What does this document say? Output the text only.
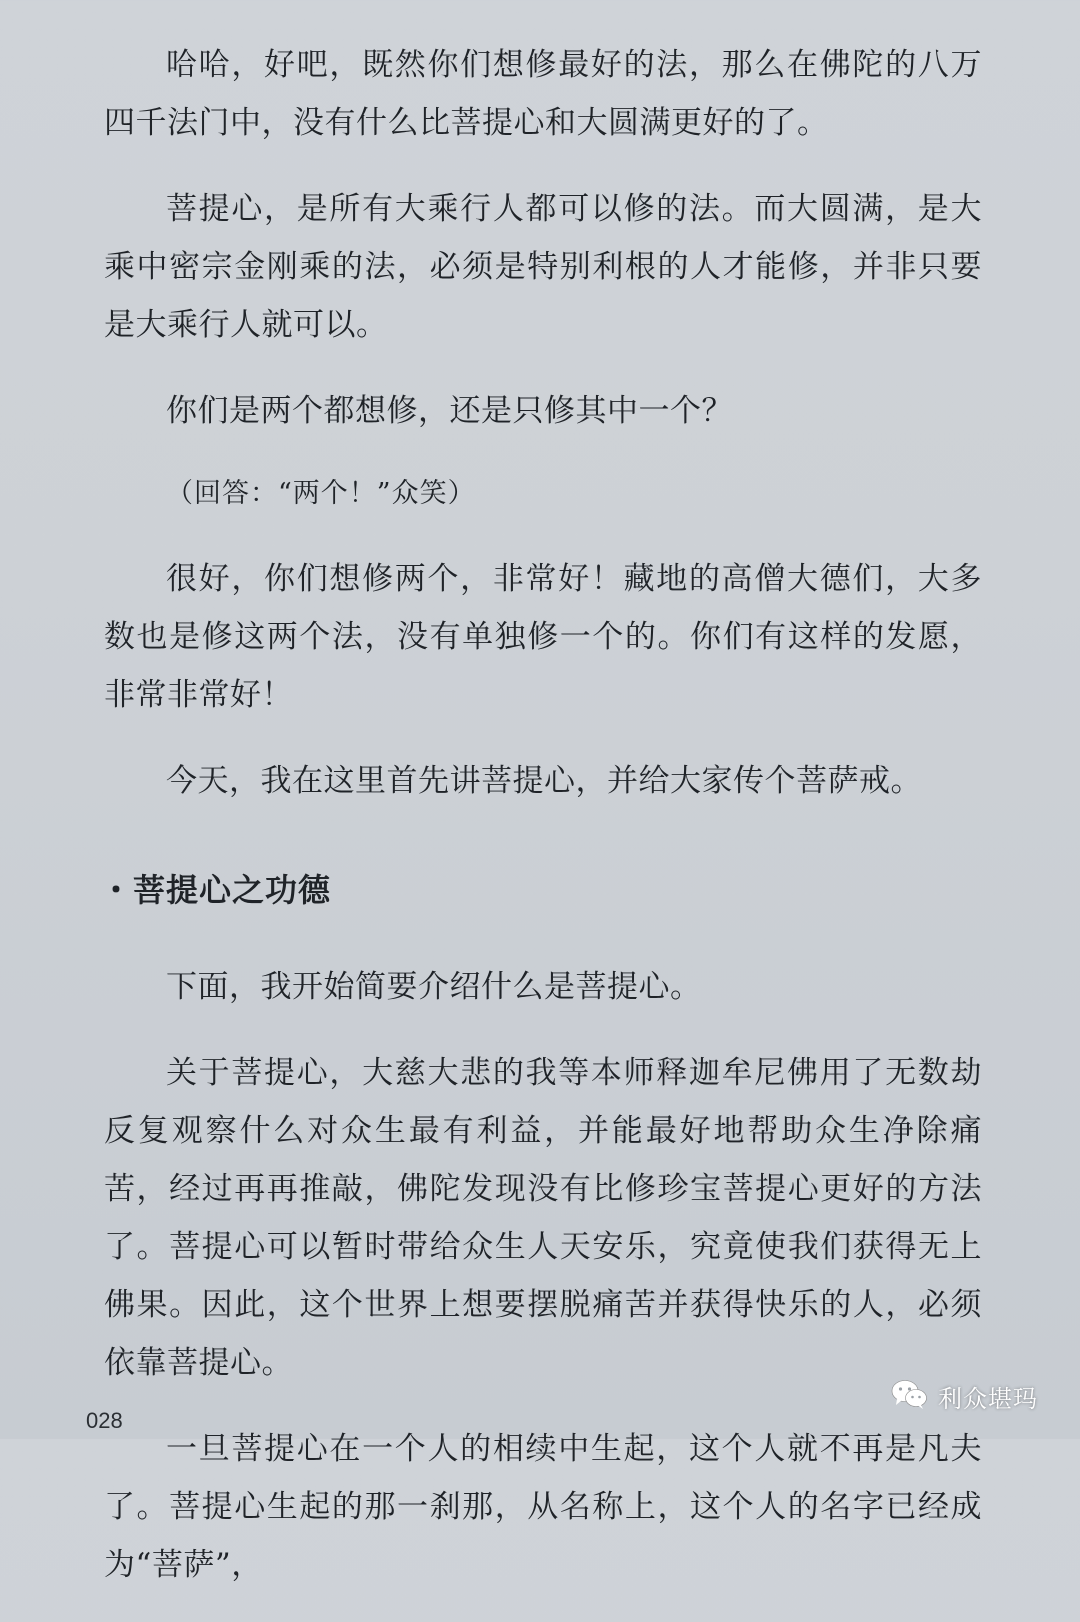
哈哈，好吧，既然你们想修最好的法，那么在佛陀的八万四千法门中，没有什么比菩提心和大圆满更好的了。

菩提心，是所有大乘行人都可以修的法。而大圆满，是大乘中密宗金刚乘的法，必须是特别利根的人才能修，并非只要是大乘行人就可以。

你们是两个都想修，还是只修其中一个？

（回答：“两个！”众笑）

很好，你们想修两个，非常好！藏地的高僧大德们，大多数也是修这两个法，没有单独修一个的。你们有这样的发愿，非常非常好！

今天，我在这里首先讲菩提心，并给大家传个菩萨戒。

・菩提心之功德

下面，我开始简要介绍什么是菩提心。

关于菩提心，大慈大悲的我等本师释迦牟尼佛用了无数劫反复观察什么对众生最有利益，并能最好地帮助众生净除痛苦，经过再再推敲，佛陀发现没有比修珍宝菩提心更好的方法了。菩提心可以暂时带给众生人天安乐，究竟使我们获得无上佛果。因此，这个世界上想要摆脱痛苦并获得快乐的人，必须依靠菩提心。

一旦菩提心在一个人的相续中生起，这个人就不再是凡夫了。菩提心生起的那一刹那，从名称上，这个人的名字已经成为“菩萨”，

028
利众堪玛
